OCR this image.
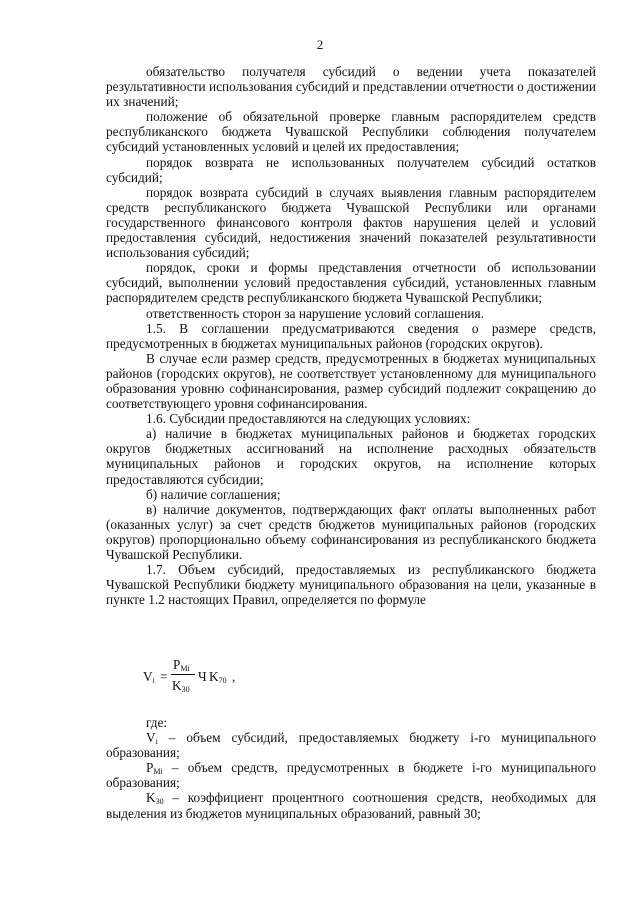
2

обязательство получателя субсидий о ведении учета показателей результативности использования субсидий и представлении отчетности о достижении их значений;

положение об обязательной проверке главным распорядителем средств республиканского бюджета Чувашской Республики соблюдения получателем субсидий установленных условий и целей их предоставления;

порядок возврата не использованных получателем субсидий остатков субсидий;

порядок возврата субсидий в случаях выявления главным распорядителем средств республиканского бюджета Чувашской Республики или органами государственного финансового контроля фактов нарушения целей и условий предоставления субсидий, недостижения значений показателей результативности использования субсидий;

порядок, сроки и формы представления отчетности об использовании субсидий, выполнении условий предоставления субсидий, установленных главным распорядителем средств республиканского бюджета Чувашской Республики;

ответственность сторон за нарушение условий соглашения.

1.5. В соглашении предусматриваются сведения о размере средств, предусмотренных в бюджетах муниципальных районов (городских округов).

В случае если размер средств, предусмотренных в бюджетах муниципальных районов (городских округов), не соответствует установленному для муниципального образования уровню софинансирования, размер субсидий подлежит сокращению до соответствующего уровня софинансирования.

1.6. Субсидии предоставляются на следующих условиях:

а) наличие в бюджетах муниципальных районов и бюджетах городских округов бюджетных ассигнований на исполнение расходных обязательств муниципальных районов и городских округов, на исполнение которых предоставляются субсидии;

б) наличие соглашения;

в) наличие документов, подтверждающих факт оплаты выполненных работ (оказанных услуг) за счет средств бюджетов муниципальных районов (городских округов) пропорционально объему софинансирования из республиканского бюджета Чувашской Республики.

1.7. Объем субсидий, предоставляемых из республиканского бюджета Чувашской Республики бюджету муниципального образования на цели, указанные в пункте 1.2 настоящих Правил, определяется по формуле

$V_i$ =
$P_{Mi}$
$K_{30}$
Ч $K_{70}$ ,

где:

$V_i$ – объем субсидий, предоставляемых бюджету i-го муниципального образования;

$P_{Mi}$ – объем средств, предусмотренных в бюджете i-го муниципального образования;

$K_{30}$ – коэффициент процентного соотношения средств, необходимых для выделения из бюджетов муниципальных образований, равный 30;
